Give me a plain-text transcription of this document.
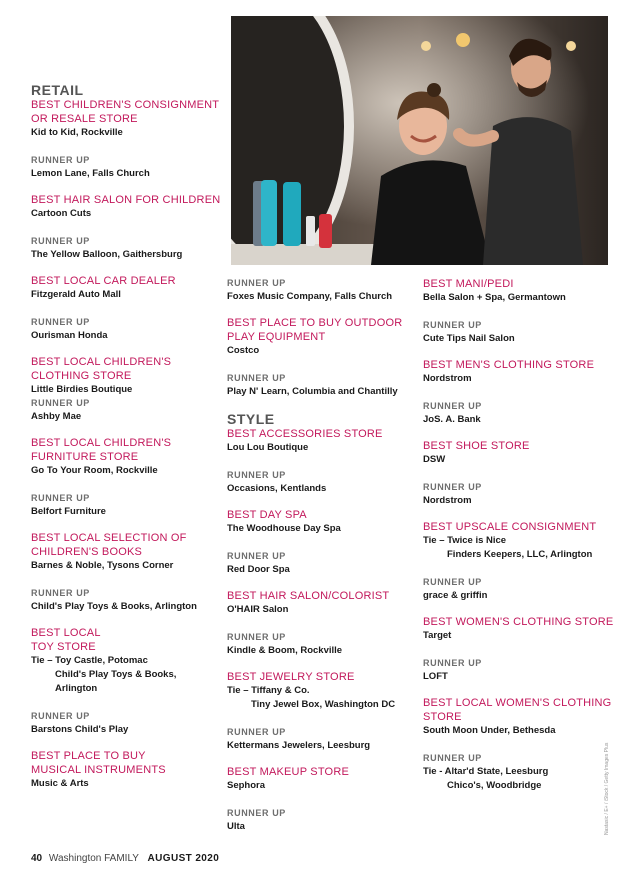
RETAIL
BEST CHILDREN'S CONSIGNMENT OR RESALE STORE
Kid to Kid, Rockville
RUNNER UP
Lemon Lane, Falls Church
BEST HAIR SALON FOR CHILDREN
Cartoon Cuts
RUNNER UP
The Yellow Balloon, Gaithersburg
BEST LOCAL CAR DEALER
Fitzgerald Auto Mall
RUNNER UP
Ourisman Honda
BEST LOCAL CHILDREN'S CLOTHING STORE
Little Birdies Boutique
RUNNER UP
Ashby Mae
BEST LOCAL CHILDREN'S FURNITURE STORE
Go To Your Room, Rockville
RUNNER UP
Belfort Furniture
BEST LOCAL SELECTION OF CHILDREN'S BOOKS
Barnes & Noble, Tysons Corner
RUNNER UP
Child's Play Toys & Books, Arlington
BEST LOCAL
TOY STORE
Tie – Toy Castle, Potomac
Child's Play Toys & Books,
Arlington
RUNNER UP
Barstons Child's Play
BEST PLACE TO BUY
MUSICAL INSTRUMENTS
Music & Arts
RUNNER UP
Foxes Music Company, Falls Church
BEST PLACE TO BUY OUTDOOR PLAY EQUIPMENT
Costco
RUNNER UP
Play N' Learn, Columbia and Chantilly
STYLE
BEST ACCESSORIES STORE
Lou Lou Boutique
RUNNER UP
Occasions, Kentlands
BEST DAY SPA
The Woodhouse Day Spa
RUNNER UP
Red Door Spa
BEST HAIR SALON/COLORIST
O'HAIR Salon
RUNNER UP
Kindle & Boom, Rockville
BEST JEWELRY STORE
Tie – Tiffany & Co.
Tiny Jewel Box, Washington DC
RUNNER UP
Kettermans Jewelers, Leesburg
BEST MAKEUP STORE
Sephora
RUNNER UP
Ulta
BEST MANI/PEDI
Bella Salon + Spa, Germantown
RUNNER UP
Cute Tips Nail Salon
BEST MEN'S CLOTHING STORE
Nordstrom
RUNNER UP
JoS. A. Bank
BEST SHOE STORE
DSW
RUNNER UP
Nordstrom
BEST UPSCALE CONSIGNMENT
Tie – Twice is Nice
Finders Keepers, LLC, Arlington
RUNNER UP
grace & griffin
BEST WOMEN'S CLOTHING STORE
Target
RUNNER UP
LOFT
BEST LOCAL WOMEN'S CLOTHING STORE
South Moon Under, Bethesda
RUNNER UP
Tie - Altar'd State, Leesburg
Chico's, Woodbridge	Nastasic / E+ / iStock / Getty Images Plus
40 Washington FAMILY AUGUST 2020
